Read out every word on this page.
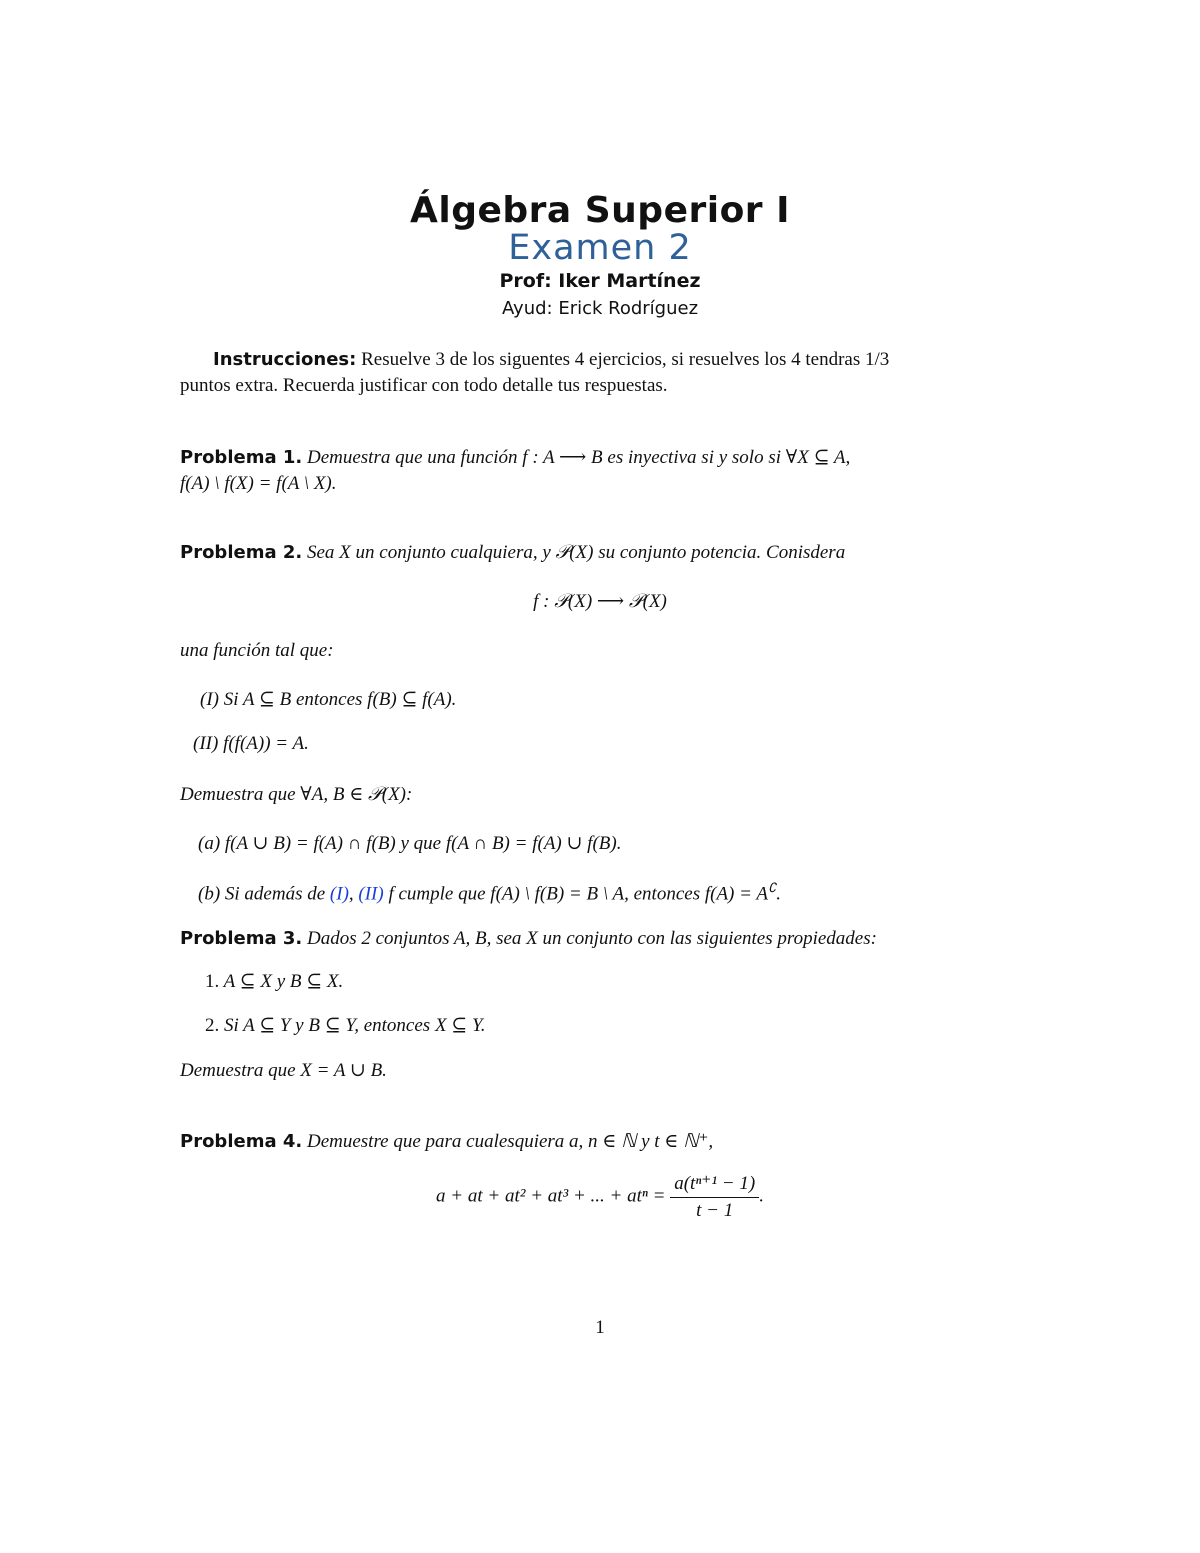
Álgebra Superior I
Examen 2
Prof: Iker Martínez
Ayud: Erick Rodríguez
Instrucciones: Resuelve 3 de los siguentes 4 ejercicios, si resuelves los 4 tendras 1/3
puntos extra. Recuerda justificar con todo detalle tus respuestas.
Problema 1. Demuestra que una función f : A ⟶ B es inyectiva si y solo si ∀X ⊆ A,
f(A) \ f(X) = f(A \ X).
Problema 2. Sea X un conjunto cualquiera, y 𝒫(X) su conjunto potencia. Conisdera
f : 𝒫(X) ⟶ 𝒫(X)
una función tal que:
(I) Si A ⊆ B entonces f(B) ⊆ f(A).
(II) f(f(A)) = A.
Demuestra que ∀A, B ∈ 𝒫(X):
(a) f(A ∪ B) = f(A) ∩ f(B) y que f(A ∩ B) = f(A) ∪ f(B).
(b) Si además de (I), (II) f cumple que f(A) \ f(B) = B \ A, entonces f(A) = A∁.
Problema 3. Dados 2 conjuntos A, B, sea X un conjunto con las siguientes propiedades:
1. A ⊆ X y B ⊆ X.
2. Si A ⊆ Y y B ⊆ Y, entonces X ⊆ Y.
Demuestra que X = A ∪ B.
Problema 4. Demuestre que para cualesquiera a, n ∈ ℕ y t ∈ ℕ⁺,
a + at + at² + at³ + ... + $at^n = \frac{\text{a(tⁿ⁺¹ − 1)}}{t - 1}$ .
1
